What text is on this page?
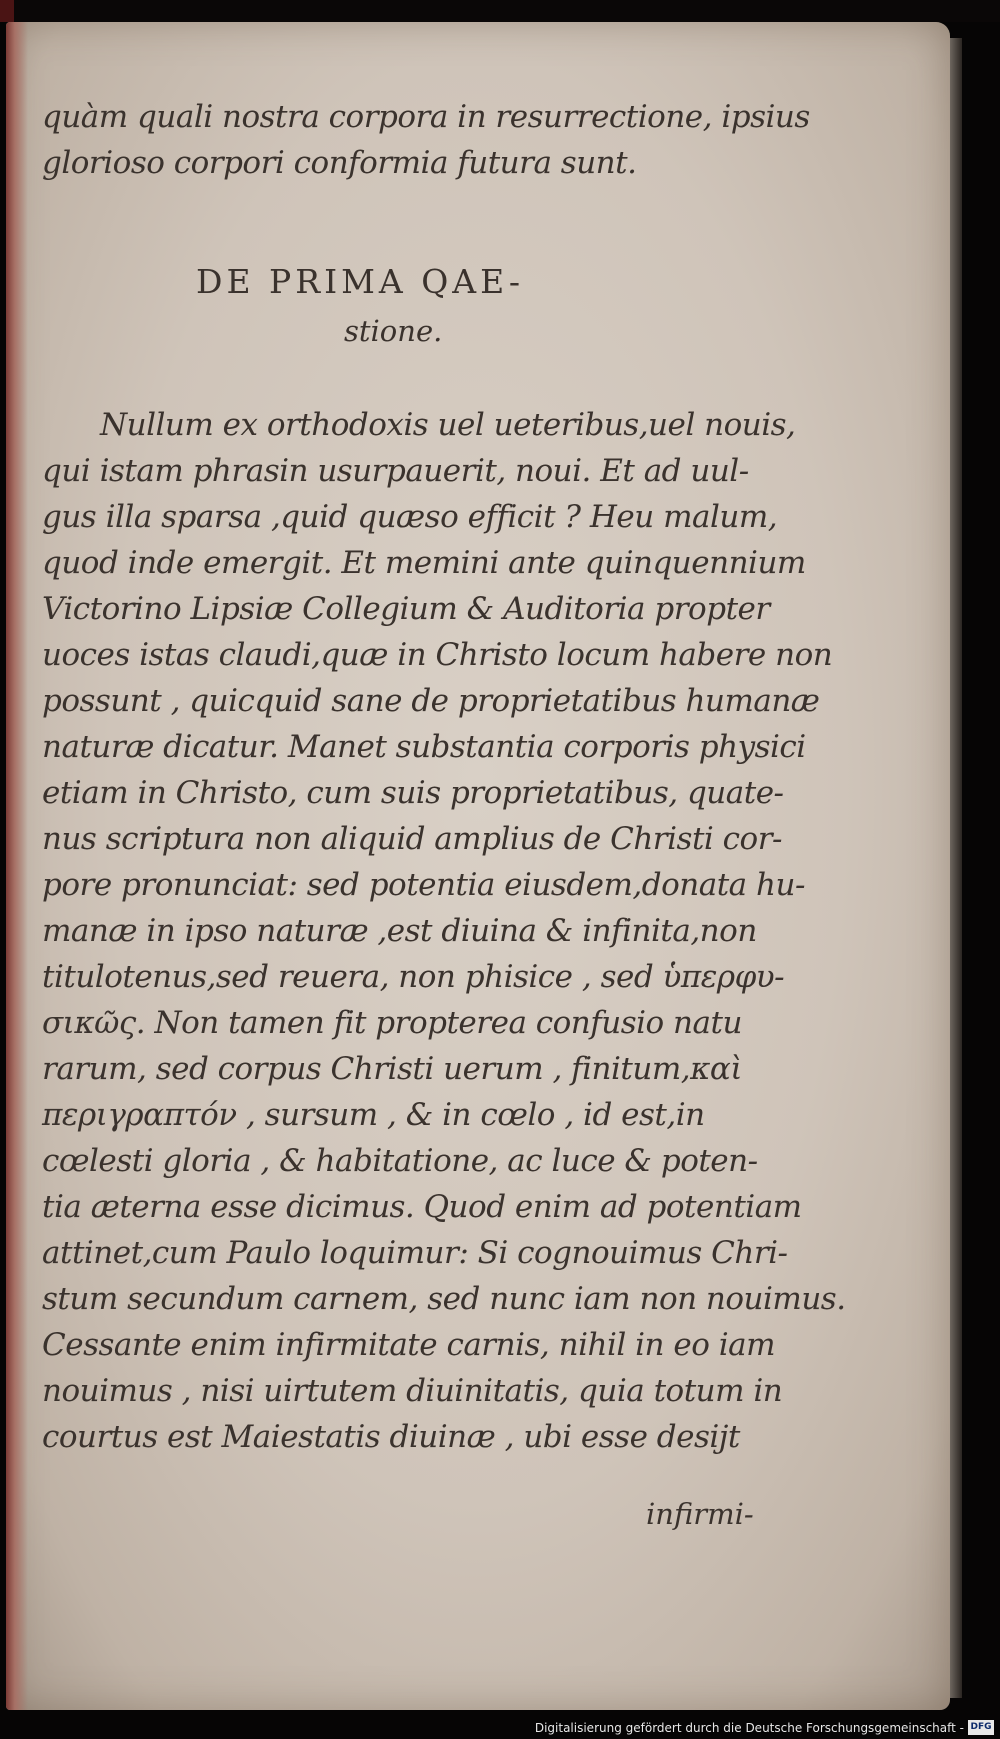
quàm quali nostra corpora in resurrectione, ipsius
glorioso corpori conformia futura sunt.
DE PRIMA QAE-
stione.
Nullum ex orthodoxis uel ueteribus,uel nouis,
qui istam phrasin usurpauerit, noui. Et ad uul-
gus illa sparsa ,quid quæso efficit ? Heu malum,
quod inde emergit. Et memini ante quinquennium
Victorino Lipsiæ Collegium & Auditoria propter
uoces istas claudi,quæ in Christo locum habere non
possunt , quicquid sane de proprietatibus humanæ
naturæ dicatur. Manet substantia corporis physici
etiam in Christo, cum suis proprietatibus, quate-
nus scriptura non aliquid amplius de Christi cor-
pore pronunciat: sed potentia eiusdem,donata hu-
manæ in ipso naturæ ,est diuina & infinita,non
titulotenus,sed reuera, non phisice , sed ὑπερφυ-
σικῶς. Non tamen fit propterea confusio natu
rarum, sed corpus Christi uerum , finitum,καὶ
περιγραπτόν , sursum , & in cœlo , id est,in
cœlesti gloria , & habitatione, ac luce & poten-
tia æterna esse dicimus. Quod enim ad potentiam
attinet,cum Paulo loquimur: Si cognouimus Chri-
stum secundum carnem, sed nunc iam non nouimus.
Cessante enim infirmitate carnis, nihil in eo iam
nouimus , nisi uirtutem diuinitatis, quia totum in
courtus est Maiestatis diuinæ , ubi esse desijt
infirmi-
Digitalisierung gefördert durch die Deutsche Forschungsgemeinschaft - DFG
